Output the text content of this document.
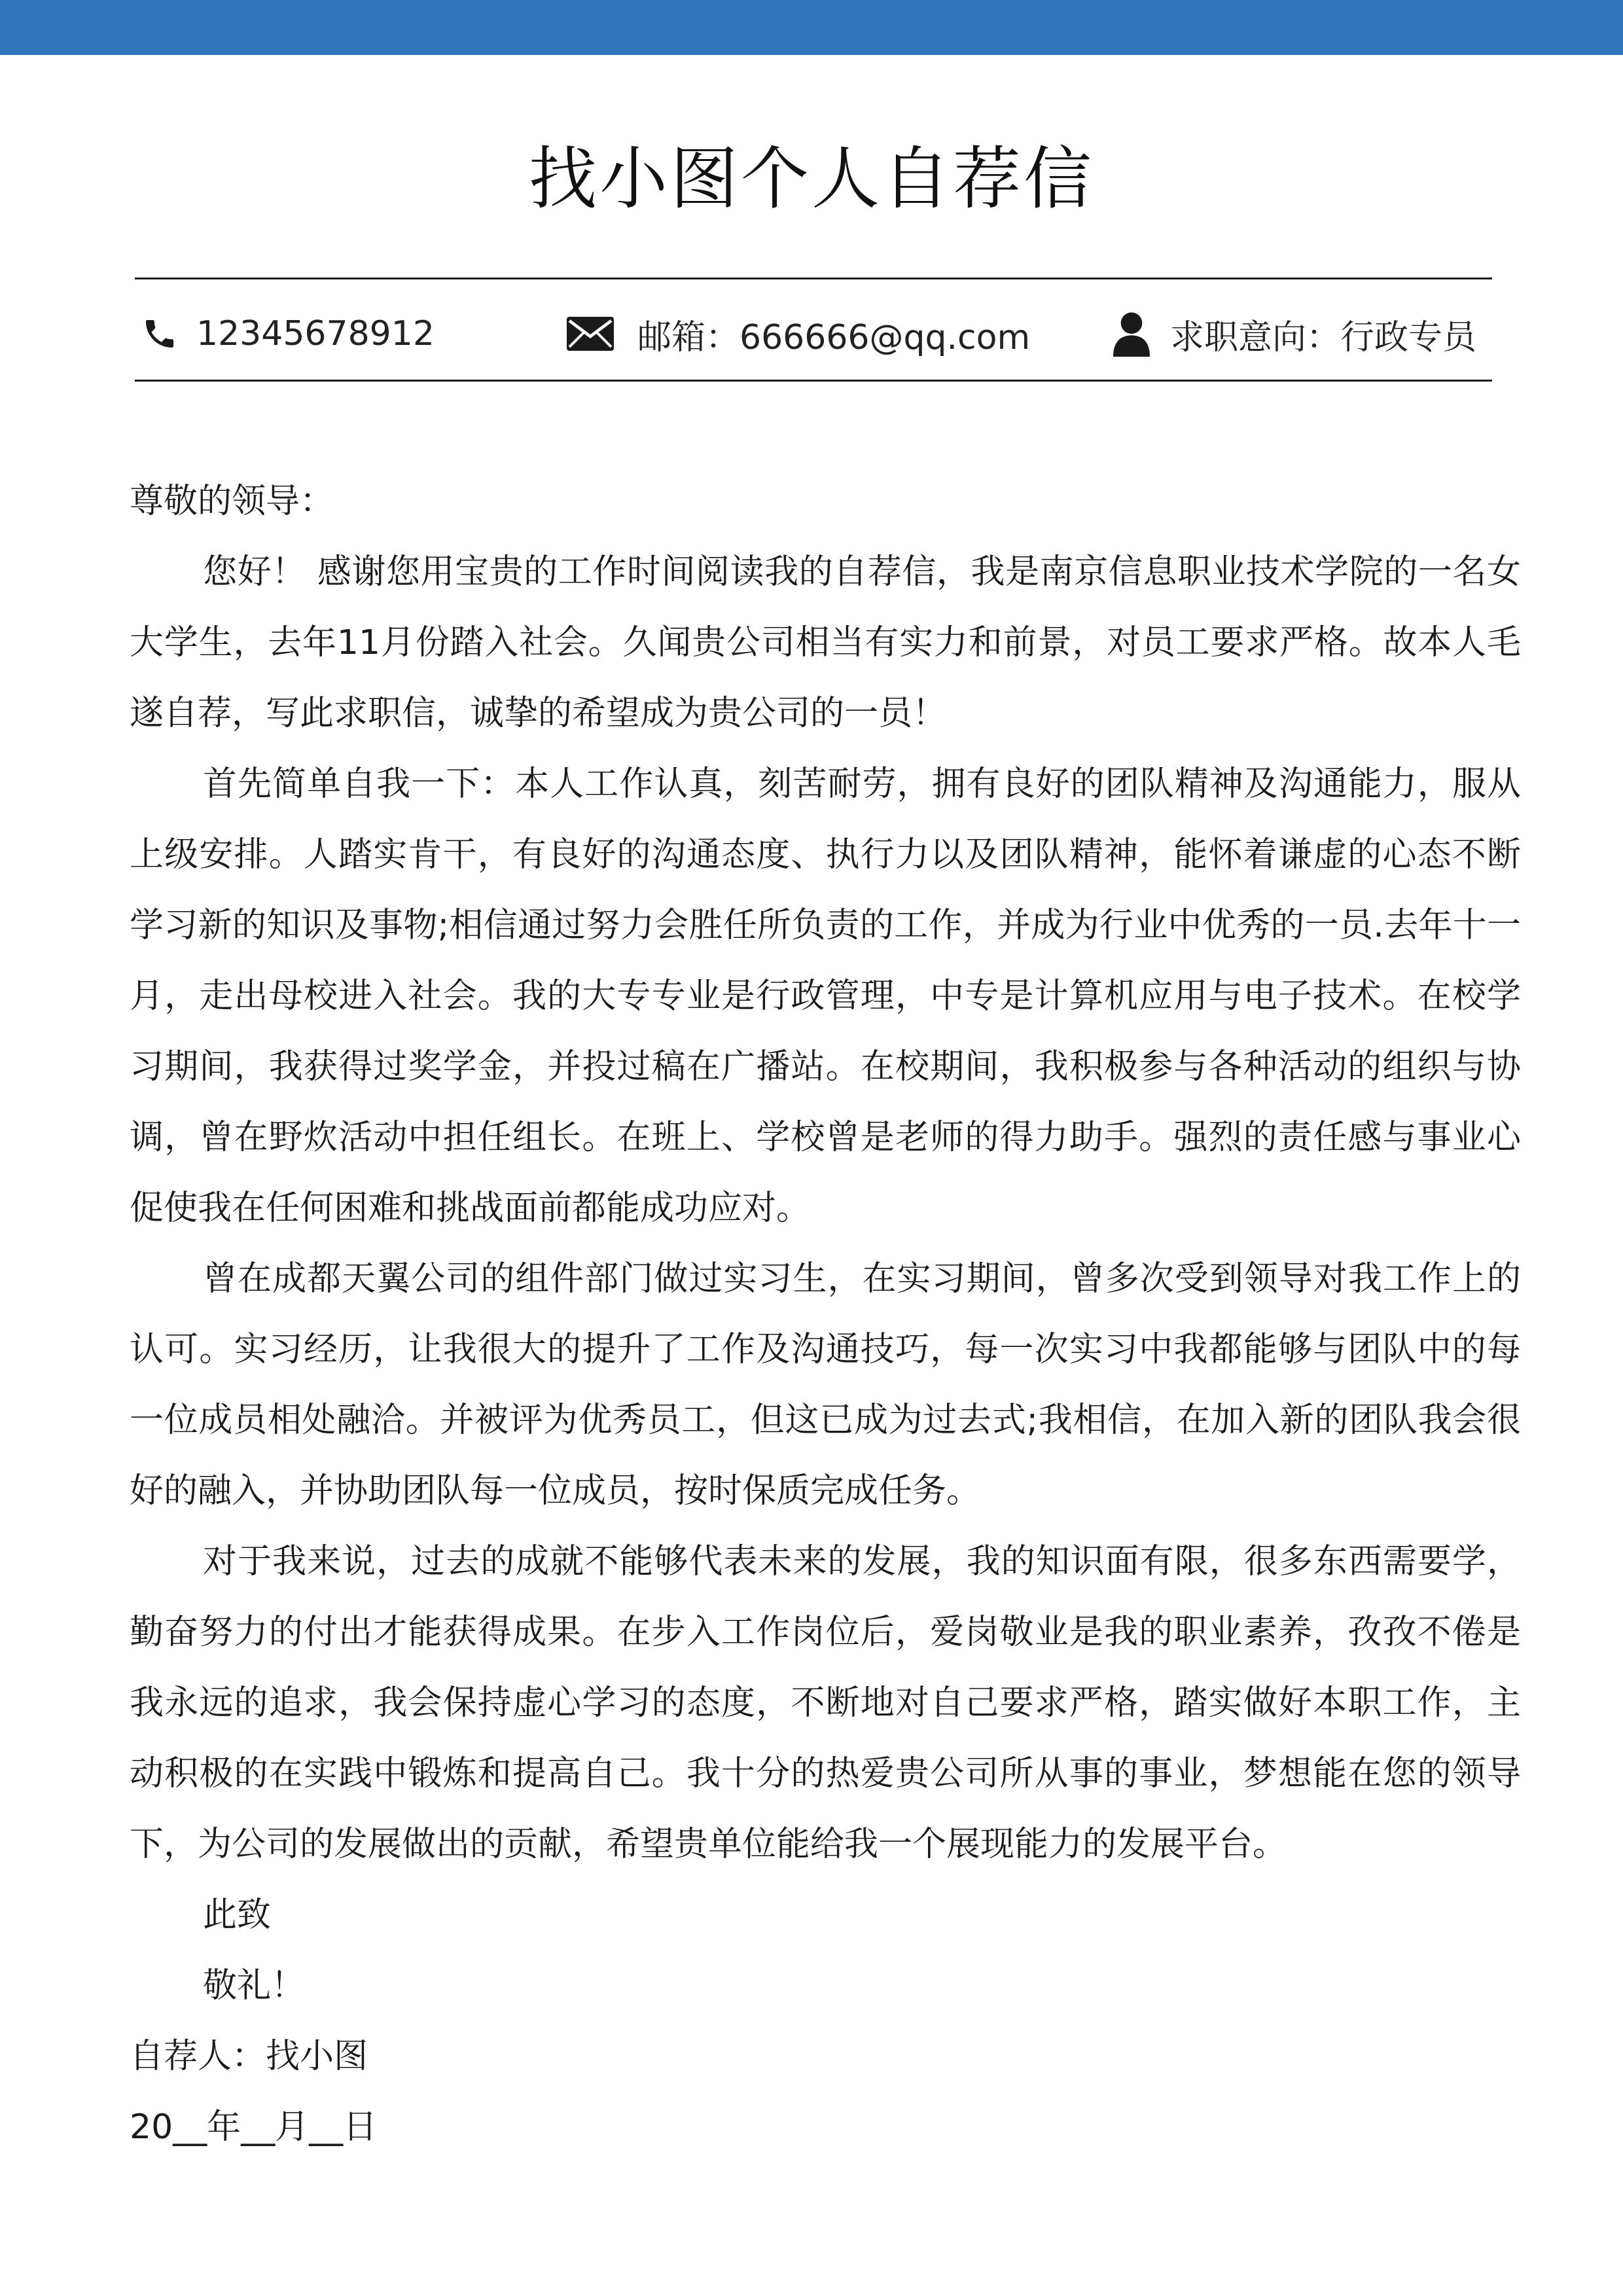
找小图个人自荐信
12345678912	邮箱：666666@qq.com	求职意向：行政专员

尊敬的领导：

您好！ 感谢您用宝贵的工作时间阅读我的自荐信，我是南京信息职业技术学院的一名女大学生，去年11月份踏入社会。久闻贵公司相当有实力和前景，对员工要求严格。故本人毛遂自荐，写此求职信，诚挚的希望成为贵公司的一员！

首先简单自我一下：本人工作认真，刻苦耐劳，拥有良好的团队精神及沟通能力，服从上级安排。人踏实肯干，有良好的沟通态度、执行力以及团队精神，能怀着谦虚的心态不断学习新的知识及事物;相信通过努力会胜任所负责的工作，并成为行业中优秀的一员.去年十一月，走出母校进入社会。我的大专专业是行政管理，中专是计算机应用与电子技术。在校学习期间，我获得过奖学金，并投过稿在广播站。在校期间，我积极参与各种活动的组织与协调，曾在野炊活动中担任组长。在班上、学校曾是老师的得力助手。强烈的责任感与事业心促使我在任何困难和挑战面前都能成功应对。

曾在成都天翼公司的组件部门做过实习生，在实习期间，曾多次受到领导对我工作上的认可。实习经历，让我很大的提升了工作及沟通技巧，每一次实习中我都能够与团队中的每一位成员相处融洽。并被评为优秀员工，但这已成为过去式;我相信，在加入新的团队我会很好的融入，并协助团队每一位成员，按时保质完成任务。

对于我来说，过去的成就不能够代表未来的发展，我的知识面有限，很多东西需要学，勤奋努力的付出才能获得成果。在步入工作岗位后，爱岗敬业是我的职业素养，孜孜不倦是我永远的追求，我会保持虚心学习的态度，不断地对自己要求严格，踏实做好本职工作，主动积极的在实践中锻炼和提高自己。我十分的热爱贵公司所从事的事业，梦想能在您的领导下，为公司的发展做出的贡献，希望贵单位能给我一个展现能力的发展平台。

此致

敬礼！

自荐人：找小图

20__年__月__日
